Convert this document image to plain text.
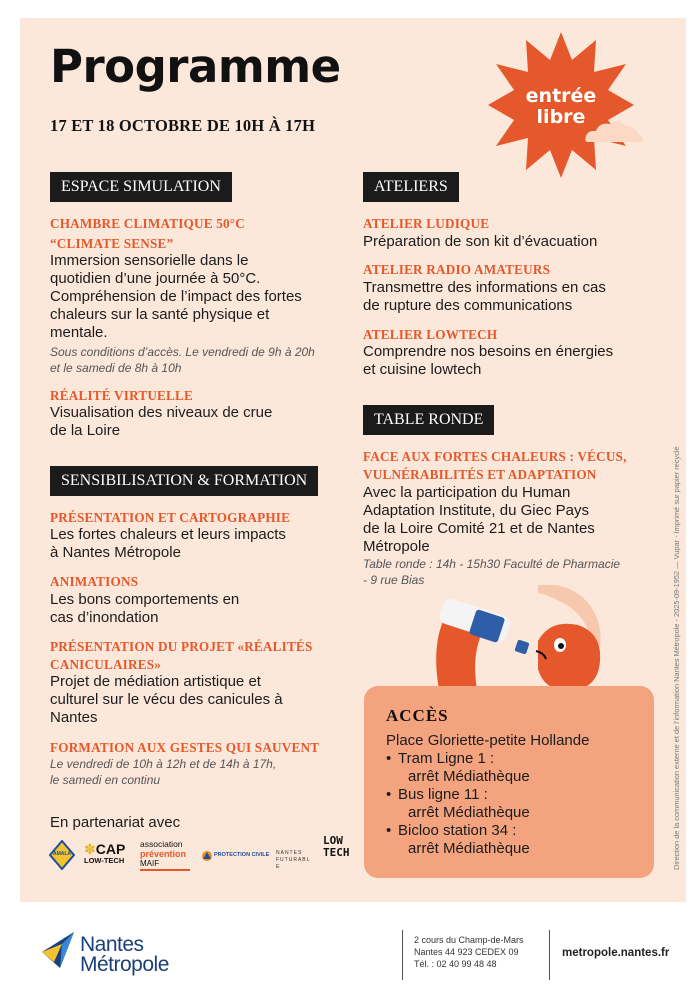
Programme
17 ET 18 OCTOBRE DE 10H À 17H
entrée
libre
ESPACE SIMULATION
CHAMBRE CLIMATIQUE 50°C
“CLIMATE SENSE”
Immersion sensorielle dans le
quotidien d’une journée à 50°C.
Compréhension de l’impact des fortes
chaleurs sur la santé physique et
mentale.
Sous conditions d’accès. Le vendredi de 9h à 20h
et le samedi de 8h à 10h
RÉALITÉ VIRTUELLE
Visualisation des niveaux de crue
de la Loire
SENSIBILISATION & FORMATION
PRÉSENTATION ET CARTOGRAPHIE
Les fortes chaleurs et leurs impacts
à Nantes Métropole
ANIMATIONS
Les bons comportements en
cas d’inondation
PRÉSENTATION DU PROJET «RÉALITÉS
CANICULAIRES»
Projet de médiation artistique et
culturel sur le vécu des canicules à
Nantes
FORMATION AUX GESTES QUI SAUVENT
Le vendredi de 10h à 12h et de 14h à 17h,
le samedi en continu
ATELIERS
ATELIER LUDIQUE
Préparation de son kit d’évacuation
ATELIER RADIO AMATEURS
Transmettre des informations en cas
de rupture des communications
ATELIER LOWTECH
Comprendre nos besoins en énergies
et cuisine lowtech
TABLE RONDE
FACE AUX FORTES CHALEURS : VÉCUS,
VULNÉRABILITÉS ET ADAPTATION
Avec la participation du Human
Adaptation Institute, du Giec Pays
de la Loire Comité 21 et de Nantes
Métropole
Table ronde : 14h - 15h30 Faculté de Pharmacie
- 9 rue Bias
ACCÈS
Place Gloriette-petite Hollande
• Tram Ligne 1 :
arrêt Médiathèque
• Bus ligne 11 :
arrêt Médiathèque
• Bicloo station 34 :
arrêt Médiathèque
En partenariat avec
AMALA ✽CAP
LOW-TECH
association
prévention
MAIF
PROTECTION CIVILE NANTES FUTURABLE
LOW
TECH	Direction de la communication externe et de l’information Nantes Métropole - 2025-09-1952 — Vupar - Imprimé sur papier recyclé
Nantes
Métropole
2 cours du Champ-de-Mars
Nantes 44 923 CEDEX 09
Tél. : 02 40 99 48 48
metropole.nantes.fr
